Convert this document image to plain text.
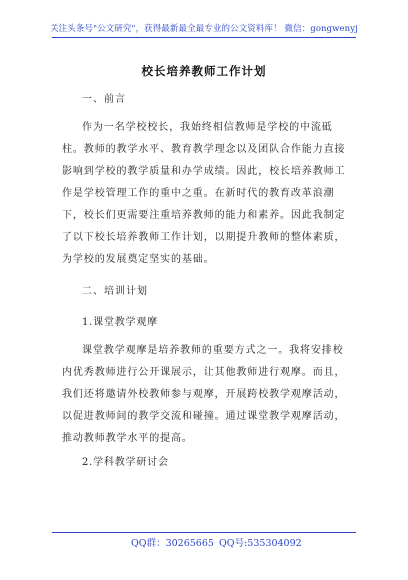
关注头条号"公文研究"，获得最新最全最专业的公文资料库！ 微信：gongwenyj
校长培养教师工作计划
一、前言
作为一名学校校长，我始终相信教师是学校的中流砥柱。教师的教学水平、教育教学理念以及团队合作能力直接影响到学校的教学质量和办学成绩。因此，校长培养教师工作是学校管理工作的重中之重。在新时代的教育改革浪潮下，校长们更需要注重培养教师的能力和素养。因此我制定了以下校长培养教师工作计划，以期提升教师的整体素质，为学校的发展奠定坚实的基础。
二、培训计划
1.课堂教学观摩
课堂教学观摩是培养教师的重要方式之一。我将安排校内优秀教师进行公开课展示，让其他教师进行观摩。而且，我们还将邀请外校教师参与观摩，开展跨校教学观摩活动，以促进教师间的教学交流和碰撞。通过课堂教学观摩活动，推动教师教学水平的提高。
2.学科教学研讨会
QQ群：30265665 QQ号:535304092
